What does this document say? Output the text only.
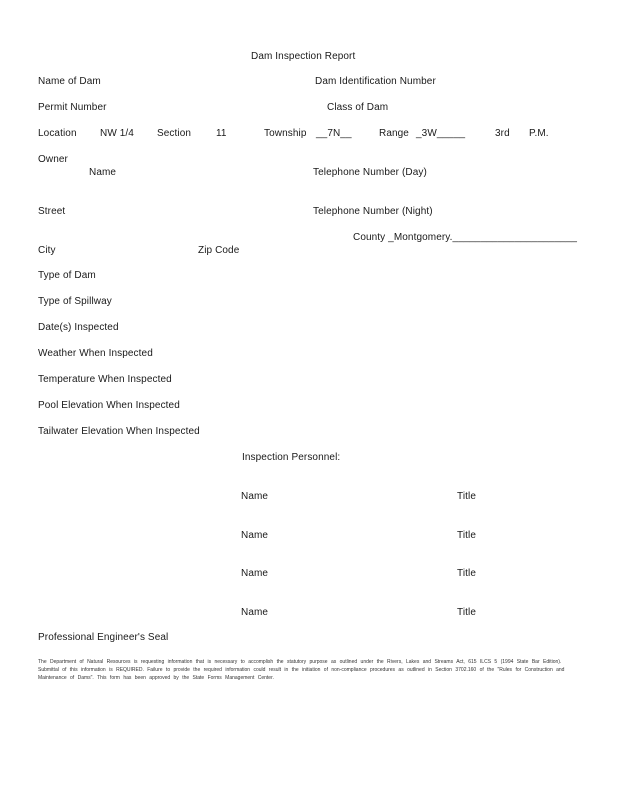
Dam Inspection Report
Name of Dam	Dam Identification Number
Permit Number	Class of Dam
Location NW 1/4 Section 11	Township __7N__	Range _3W_____	3rd P.M.
Owner
Name	Telephone Number (Day)
Street	Telephone Number (Night)
County _Montgomery.______________________
City	Zip Code
Type of Dam
Type of Spillway
Date(s) Inspected
Weather When Inspected
Temperature When Inspected
Pool Elevation When Inspected
Tailwater Elevation When Inspected
Inspection Personnel:
Name	Title
Name	Title
Name	Title
Name	Title
Professional Engineer's Seal
The Department of Natural Resources is requesting information that is necessary to accomplish the statutory purpose as outlined under the Rivers, Lakes and Streams Act, 615 ILCS 5 (1994 State Bar Edition). Submittal of this information is REQUIRED. Failure to provide the required information could result in the initiation of non-compliance procedures as outlined in Section 3702.160 of the "Rules for Construction and Maintenance of Dams". This form has been approved by the State Forms Management Center.
